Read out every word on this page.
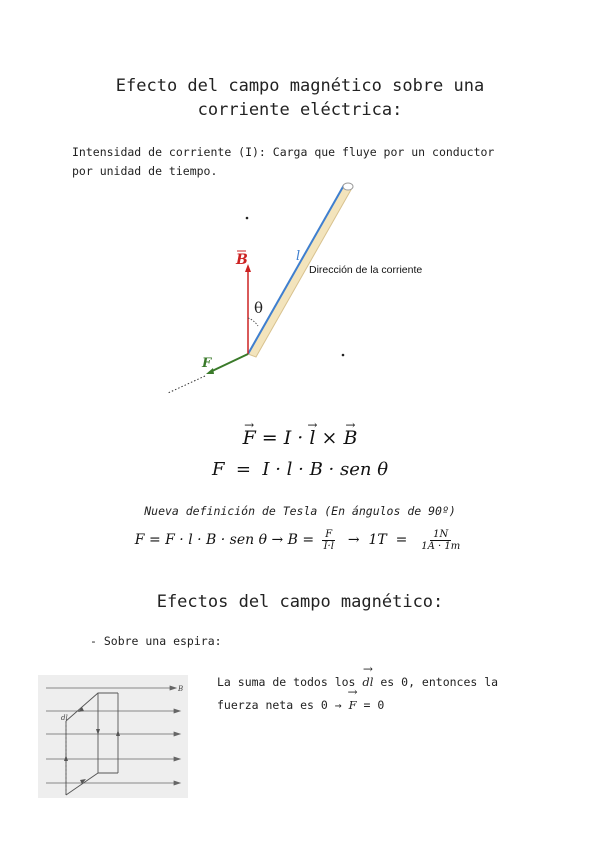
Efecto del campo magnético sobre una
corriente eléctrica:
Intensidad de corriente (I): Carga que fluye por un conductor
por unidad de tiempo.
B
θ
l
Dirección de la corriente
F
→ F = I · → l × → B
F  =  I · l · B · sen θ
Nueva definición de Tesla (En ángulos de 90º)
F = F · l · B · sen $\theta \to B = \frac{F}{I\cdot l} \to 1T = \frac{1N}{1A \cdot 1m}$
Efectos del campo magnético:
- Sobre una espira:
B
dl
La suma de todos los → dl es 0, entonces la
fuerza neta es 0 → → F = 0
